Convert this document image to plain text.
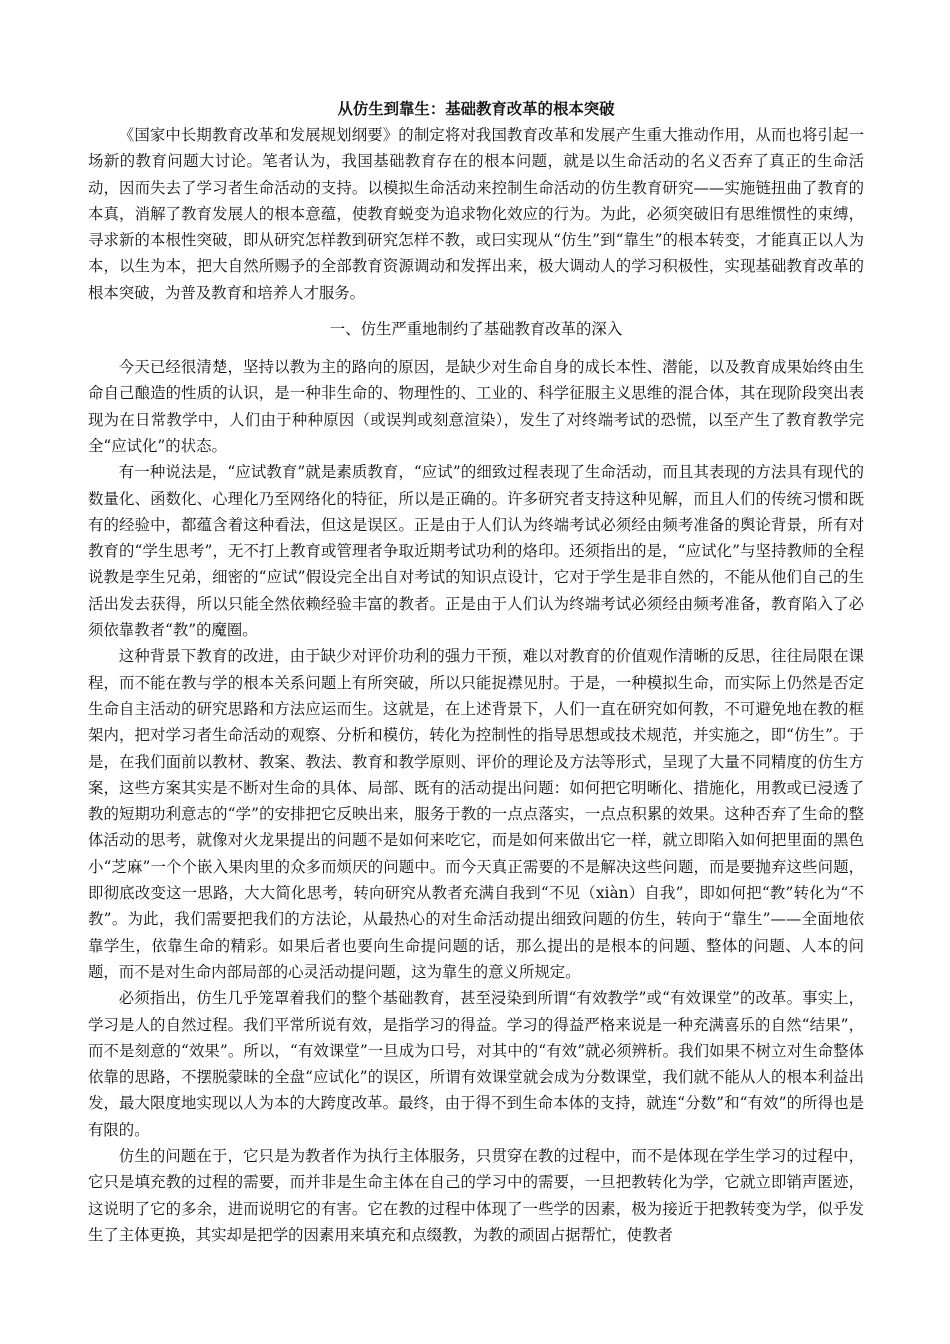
从仿生到靠生：基础教育改革的根本突破

《国家中长期教育改革和发展规划纲要》的制定将对我国教育改革和发展产生重大推动作用，从而也将引起一场新的教育问题大讨论。笔者认为，我国基础教育存在的根本问题，就是以生命活动的名义否弃了真正的生命活动，因而失去了学习者生命活动的支持。以模拟生命活动来控制生命活动的仿生教育研究——实施链扭曲了教育的本真，消解了教育发展人的根本意蕴，使教育蜕变为追求物化效应的行为。为此，必须突破旧有思维惯性的束缚，寻求新的本根性突破，即从研究怎样教到研究怎样不教，或曰实现从“仿生”到“靠生”的根本转变，才能真正以人为本，以生为本，把大自然所赐予的全部教育资源调动和发挥出来，极大调动人的学习积极性，实现基础教育改革的根本突破，为普及教育和培养人才服务。

一、仿生严重地制约了基础教育改革的深入

今天已经很清楚，坚持以教为主的路向的原因，是缺少对生命自身的成长本性、潜能，以及教育成果始终由生命自己酿造的性质的认识，是一种非生命的、物理性的、工业的、科学征服主义思维的混合体，其在现阶段突出表现为在日常教学中，人们由于种种原因（或误判或刻意渲染），发生了对终端考试的恐慌，以至产生了教育教学完全“应试化”的状态。

有一种说法是，“应试教育”就是素质教育，“应试”的细致过程表现了生命活动，而且其表现的方法具有现代的数量化、函数化、心理化乃至网络化的特征，所以是正确的。许多研究者支持这种见解，而且人们的传统习惯和既有的经验中，都蕴含着这种看法，但这是误区。正是由于人们认为终端考试必须经由频考准备的舆论背景，所有对教育的“学生思考”，无不打上教育或管理者争取近期考试功利的烙印。还须指出的是，“应试化”与坚持教师的全程说教是孪生兄弟，细密的“应试”假设完全出自对考试的知识点设计，它对于学生是非自然的，不能从他们自己的生活出发去获得，所以只能全然依赖经验丰富的教者。正是由于人们认为终端考试必须经由频考准备，教育陷入了必须依靠教者“教”的魔圈。

这种背景下教育的改进，由于缺少对评价功利的强力干预，难以对教育的价值观作清晰的反思，往往局限在课程，而不能在教与学的根本关系问题上有所突破，所以只能捉襟见肘。于是，一种模拟生命，而实际上仍然是否定生命自主活动的研究思路和方法应运而生。这就是，在上述背景下，人们一直在研究如何教，不可避免地在教的框架内，把对学习者生命活动的观察、分析和模仿，转化为控制性的指导思想或技术规范，并实施之，即“仿生”。于是，在我们面前以教材、教案、教法、教育和教学原则、评价的理论及方法等形式，呈现了大量不同精度的仿生方案，这些方案其实是不断对生命的具体、局部、既有的活动提出问题：如何把它明晰化、措施化，用教或已浸透了教的短期功利意志的“学”的安排把它反映出来，服务于教的一点点落实，一点点积累的效果。这种否弃了生命的整体活动的思考，就像对火龙果提出的问题不是如何来吃它，而是如何来做出它一样，就立即陷入如何把里面的黑色小“芝麻”一个个嵌入果肉里的众多而烦厌的问题中。而今天真正需要的不是解决这些问题，而是要抛弃这些问题，即彻底改变这一思路，大大简化思考，转向研究从教者充满自我到“不见（xiàn）自我”，即如何把“教”转化为“不教”。为此，我们需要把我们的方法论，从最热心的对生命活动提出细致问题的仿生，转向于“靠生”——全面地依靠学生，依靠生命的精彩。如果后者也要向生命提问题的话，那么提出的是根本的问题、整体的问题、人本的问题，而不是对生命内部局部的心灵活动提问题，这为靠生的意义所规定。

必须指出，仿生几乎笼罩着我们的整个基础教育，甚至浸染到所谓“有效教学”或“有效课堂”的改革。事实上，学习是人的自然过程。我们平常所说有效，是指学习的得益。学习的得益严格来说是一种充满喜乐的自然“结果”，而不是刻意的“效果”。所以，“有效课堂”一旦成为口号，对其中的“有效”就必须辨析。我们如果不树立对生命整体依靠的思路，不摆脱蒙昧的全盘“应试化”的误区，所谓有效课堂就会成为分数课堂，我们就不能从人的根本利益出发，最大限度地实现以人为本的大跨度改革。最终，由于得不到生命本体的支持，就连“分数”和“有效”的所得也是有限的。

仿生的问题在于，它只是为教者作为执行主体服务，只贯穿在教的过程中，而不是体现在学生学习的过程中，它只是填充教的过程的需要，而并非是生命主体在自己的学习中的需要，一旦把教转化为学，它就立即销声匿迹，这说明了它的多余，进而说明它的有害。它在教的过程中体现了一些学的因素，极为接近于把教转变为学，似乎发生了主体更换，其实却是把学的因素用来填充和点缀教，为教的顽固占据帮忙，使教者
